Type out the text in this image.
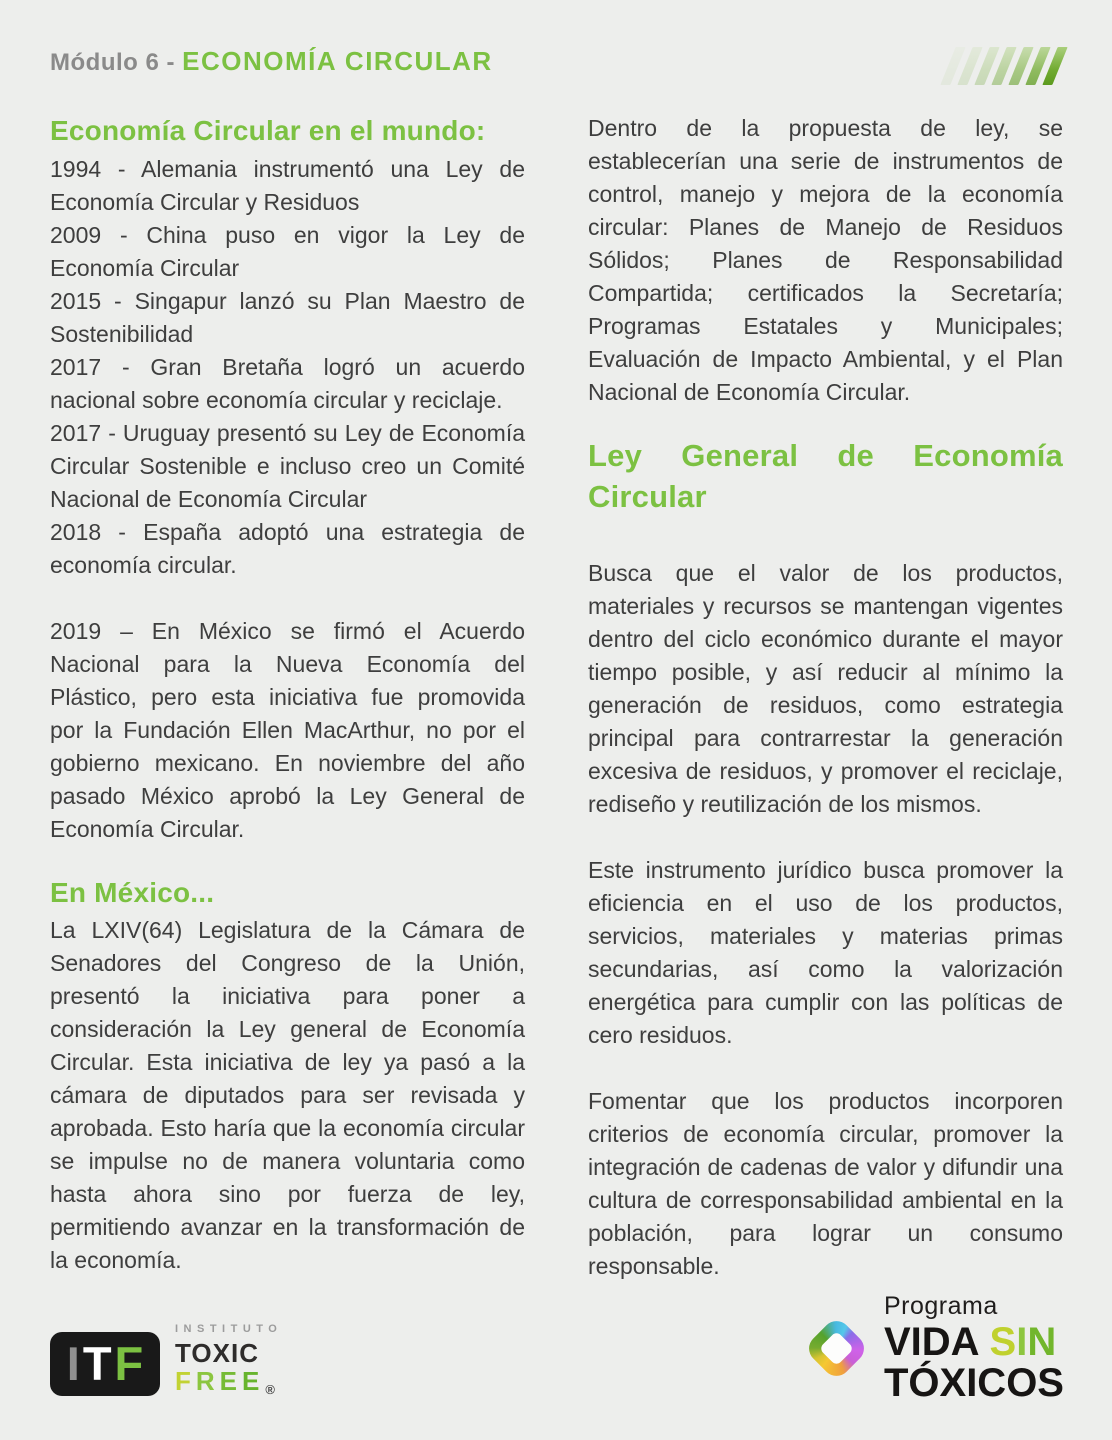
Módulo 6 - ECONOMÍA CIRCULAR
Economía Circular en el mundo:

1994 - Alemania instrumentó una Ley de Economía Circular y Residuos

2009 - China puso en vigor la Ley de Economía Circular

2015 - Singapur lanzó su Plan Maestro de Sostenibilidad

2017 - Gran Bretaña logró un acuerdo nacional sobre economía circular y reciclaje.

2017 - Uruguay presentó su Ley de Economía Circular Sostenible e incluso creo un Comité Nacional de Economía Circular

2018 - España adoptó una estrategia de economía circular.

2019 – En México se firmó el Acuerdo Nacional para la Nueva Economía del Plástico, pero esta iniciativa fue promovida por la Fundación Ellen MacArthur, no por el gobierno mexicano. En noviembre del año pasado México aprobó la Ley General de Economía Circular.

En México...

La LXIV(64) Legislatura de la Cámara de Senadores del Congreso de la Unión, presentó la iniciativa para poner a consideración la Ley general de Economía Circular. Esta iniciativa de ley ya pasó a la cámara de diputados para ser revisada y aprobada. Esto haría que la economía circular se impulse no de manera voluntaria como hasta ahora sino por fuerza de ley, permitiendo avanzar en la transformación de la economía.

Dentro de la propuesta de ley, se establecerían una serie de instrumentos de control, manejo y mejora de la economía circular: Planes de Manejo de Residuos Sólidos; Planes de Responsabilidad Compartida; certificados la Secretaría; Programas Estatales y Municipales; Evaluación de Impacto Ambiental, y el Plan Nacional de Economía Circular.

Ley General de Economía Circular

Busca que el valor de los productos, materiales y recursos se mantengan vigentes dentro del ciclo económico durante el mayor tiempo posible, y así reducir al mínimo la generación de residuos, como estrategia principal para contrarrestar la generación excesiva de residuos, y promover el reciclaje, rediseño y reutilización de los mismos.

Este instrumento jurídico busca promover la eficiencia en el uso de los productos, servicios, materiales y materias primas secundarias, así como la valorización energética para cumplir con las políticas de cero residuos.

Fomentar que los productos incorporen criterios de economía circular, promover la integración de cadenas de valor y difundir una cultura de corresponsabilidad ambiental en la población, para lograr un consumo responsable.

I T F
INSTITUTO
TOXIC
FREE®
Programa
VIDA SIN
TÓXICOS
